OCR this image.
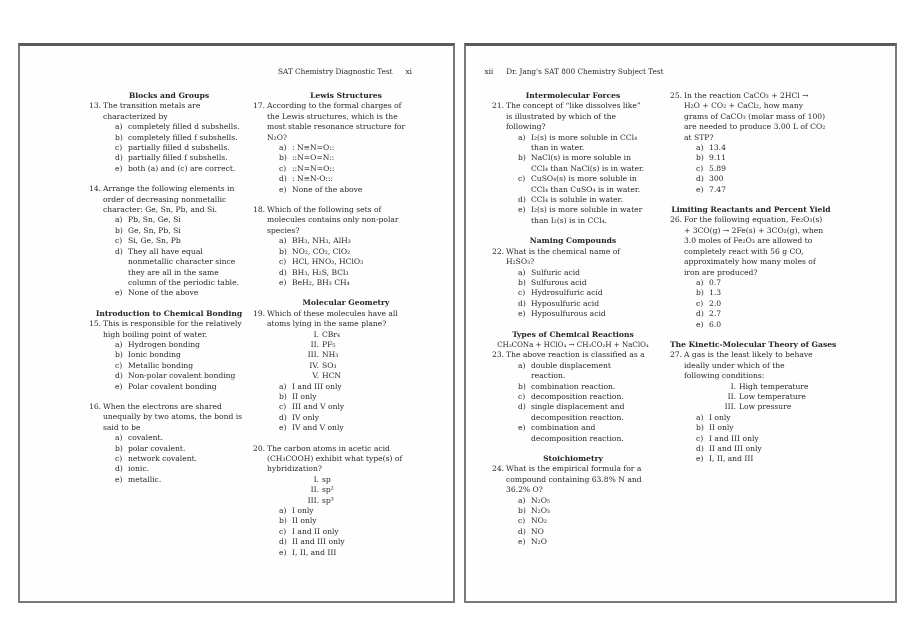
SAT Chemistry Diagnostic Test xi
Blocks and Groups
13. The transition metals are
characterized by
a) completely filled d subshells.
b) completely filled f subshells.
c) partially filled d subshells.
d) partially filled f subshells.
e) both (a) and (c) are correct.
14. Arrange the following elements in
order of decreasing nonmetallic
character: Ge, Sn, Pb, and Si.
a) Pb, Sn, Ge, Si
b) Ge, Sn, Pb, Si
c) Si, Ge, Sn, Pb
d) They all have equal
nonmetallic character since
they are all in the same
column of the periodic table.
e) None of the above
Introduction to Chemical Bonding
15. This is responsible for the relatively
high boiling point of water.
a) Hydrogen bonding
b) Ionic bonding
c) Metallic bonding
d) Non-polar covalent bonding
e) Polar covalent bonding
16. When the electrons are shared
unequally by two atoms, the bond is
said to be
a) covalent.
b) polar covalent.
c) network covalent.
d) ionic.
e) metallic.
Lewis Structures
17. According to the formal charges of
the Lewis structures, which is the
most stable resonance structure for
N₂O?
a) : N≡N=O::
b) ::N=O=N::
c) ::N=N=O::
d) : N≡N-O:::
e) None of the above
18. Which of the following sets of
molecules contains only non-polar
species?
a) BH₃, NH₃, AlH₃
b) NO₂, CO₂, ClO₂
c) HCl, HNO₃, HClO₃
d) BH₃, H₂S, BCl₃
e) BeH₂, BH₃ CH₄
Molecular Geometry
19. Which of these molecules have all
atoms lying in the same plane?
I. CBr₄
II. PF₅
III. NH₃
IV. SO₃
V. HCN
a) I and III only
b) II only
c) III and V only
d) IV only
e) IV and V only
20. The carbon atoms in acetic acid
(CH₃COOH) exhibit what type(s) of
hybridization?
I. sp
II. sp²
III. sp³
a) I only
b) II only
c) I and II only
d) II and III only
e) I, II, and III
xii Dr. Jang's SAT 800 Chemistry Subject Test
Intermolecular Forces
21. The concept of “like dissolves like”
is illustrated by which of the
following?
a) I₂(s) is more soluble in CCl₄
than in water.
b) NaCl(s) is more soluble in
CCl₄ than NaCl(s) is in water.
c) CuSO₄(s) is more soluble in
CCl₄ than CuSO₄ is in water.
d) CCl₄ is soluble in water.
e) I₂(s) is more soluble in water
than I₂(s) is in CCl₄.
Naming Compounds
22. What is the chemical name of
H₂SO₃?
a) Sulfuric acid
b) Sulfurous acid
c) Hydrosulfuric acid
d) Hyposulfuric acid
e) Hyposulfurous acid
Types of Chemical Reactions
CH₃CONa + HClO₄ → CH₃CO₂H + NaClO₄
23. The above reaction is classified as a
a) double displacement
reaction.
b) combination reaction.
c) decomposition reaction.
d) single displacement and
decomposition reaction.
e) combination and
decomposition reaction.
Stoichiometry
24. What is the empirical formula for a
compound containing 63.8% N and
36.2% O?
a) N₂O₅
b) N₂O₃
c) NO₂
d) NO
e) N₂O
25. In the reaction CaCO₃ + 2HCl →
H₂O + CO₂ + CaCl₂, how many
grams of CaCO₃ (molar mass of 100)
are needed to produce 3.00 L of CO₂
at STP?
a) 13.4
b) 9.11
c) 5.89
d) 300
e) 7.47
Limiting Reactants and Percent Yield
26. For the following equation, Fe₂O₃(s)
+ 3CO(g) → 2Fe(s) + 3CO₂(g), when
3.0 moles of Fe₂O₃ are allowed to
completely react with 56 g CO,
approximately how many moles of
iron are produced?
a) 0.7
b) 1.3
c) 2.0
d) 2.7
e) 6.0
The Kinetic-Molecular Theory of Gases
27. A gas is the least likely to behave
ideally under which of the
following conditions:
I. High temperature
II. Low temperature
III. Low pressure
a) I only
b) II only
c) I and III only
d) II and III only
e) I, II, and III
